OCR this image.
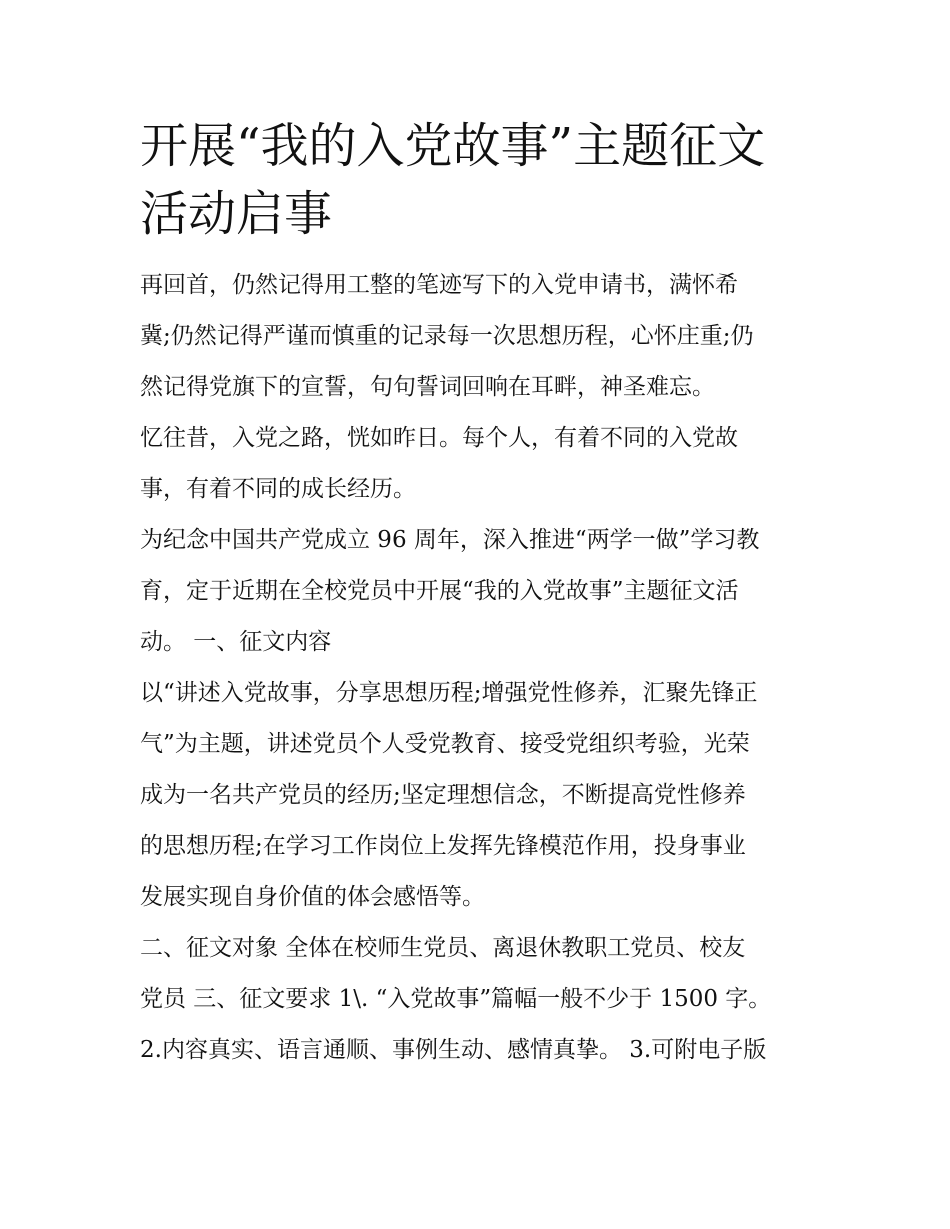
开展“我的入党故事”主题征文
活动启事

再回首，仍然记得用工整的笔迹写下的入党申请书，满怀希
冀;仍然记得严谨而慎重的记录每一次思想历程，心怀庄重;仍
然记得党旗下的宣誓，句句誓词回响在耳畔，神圣难忘。

忆往昔，入党之路，恍如昨日。每个人，有着不同的入党故
事，有着不同的成长经历。

为纪念中国共产党成立 96 周年，深入推进“两学一做”学习教
育，定于近期在全校党员中开展“我的入党故事”主题征文活
动。 一、征文内容

以“讲述入党故事，分享思想历程;增强党性修养，汇聚先锋正
气”为主题，讲述党员个人受党教育、接受党组织考验，光荣
成为一名共产党员的经历;坚定理想信念，不断提高党性修养
的思想历程;在学习工作岗位上发挥先锋模范作用，投身事业
发展实现自身价值的体会感悟等。

二、征文对象 全体在校师生党员、离退休教职工党员、校友
党员 三、征文要求 1\. “入党故事”篇幅一般不少于 1500 字。
2.内容真实、语言通顺、事例生动、感情真挚。 3.可附电子版
